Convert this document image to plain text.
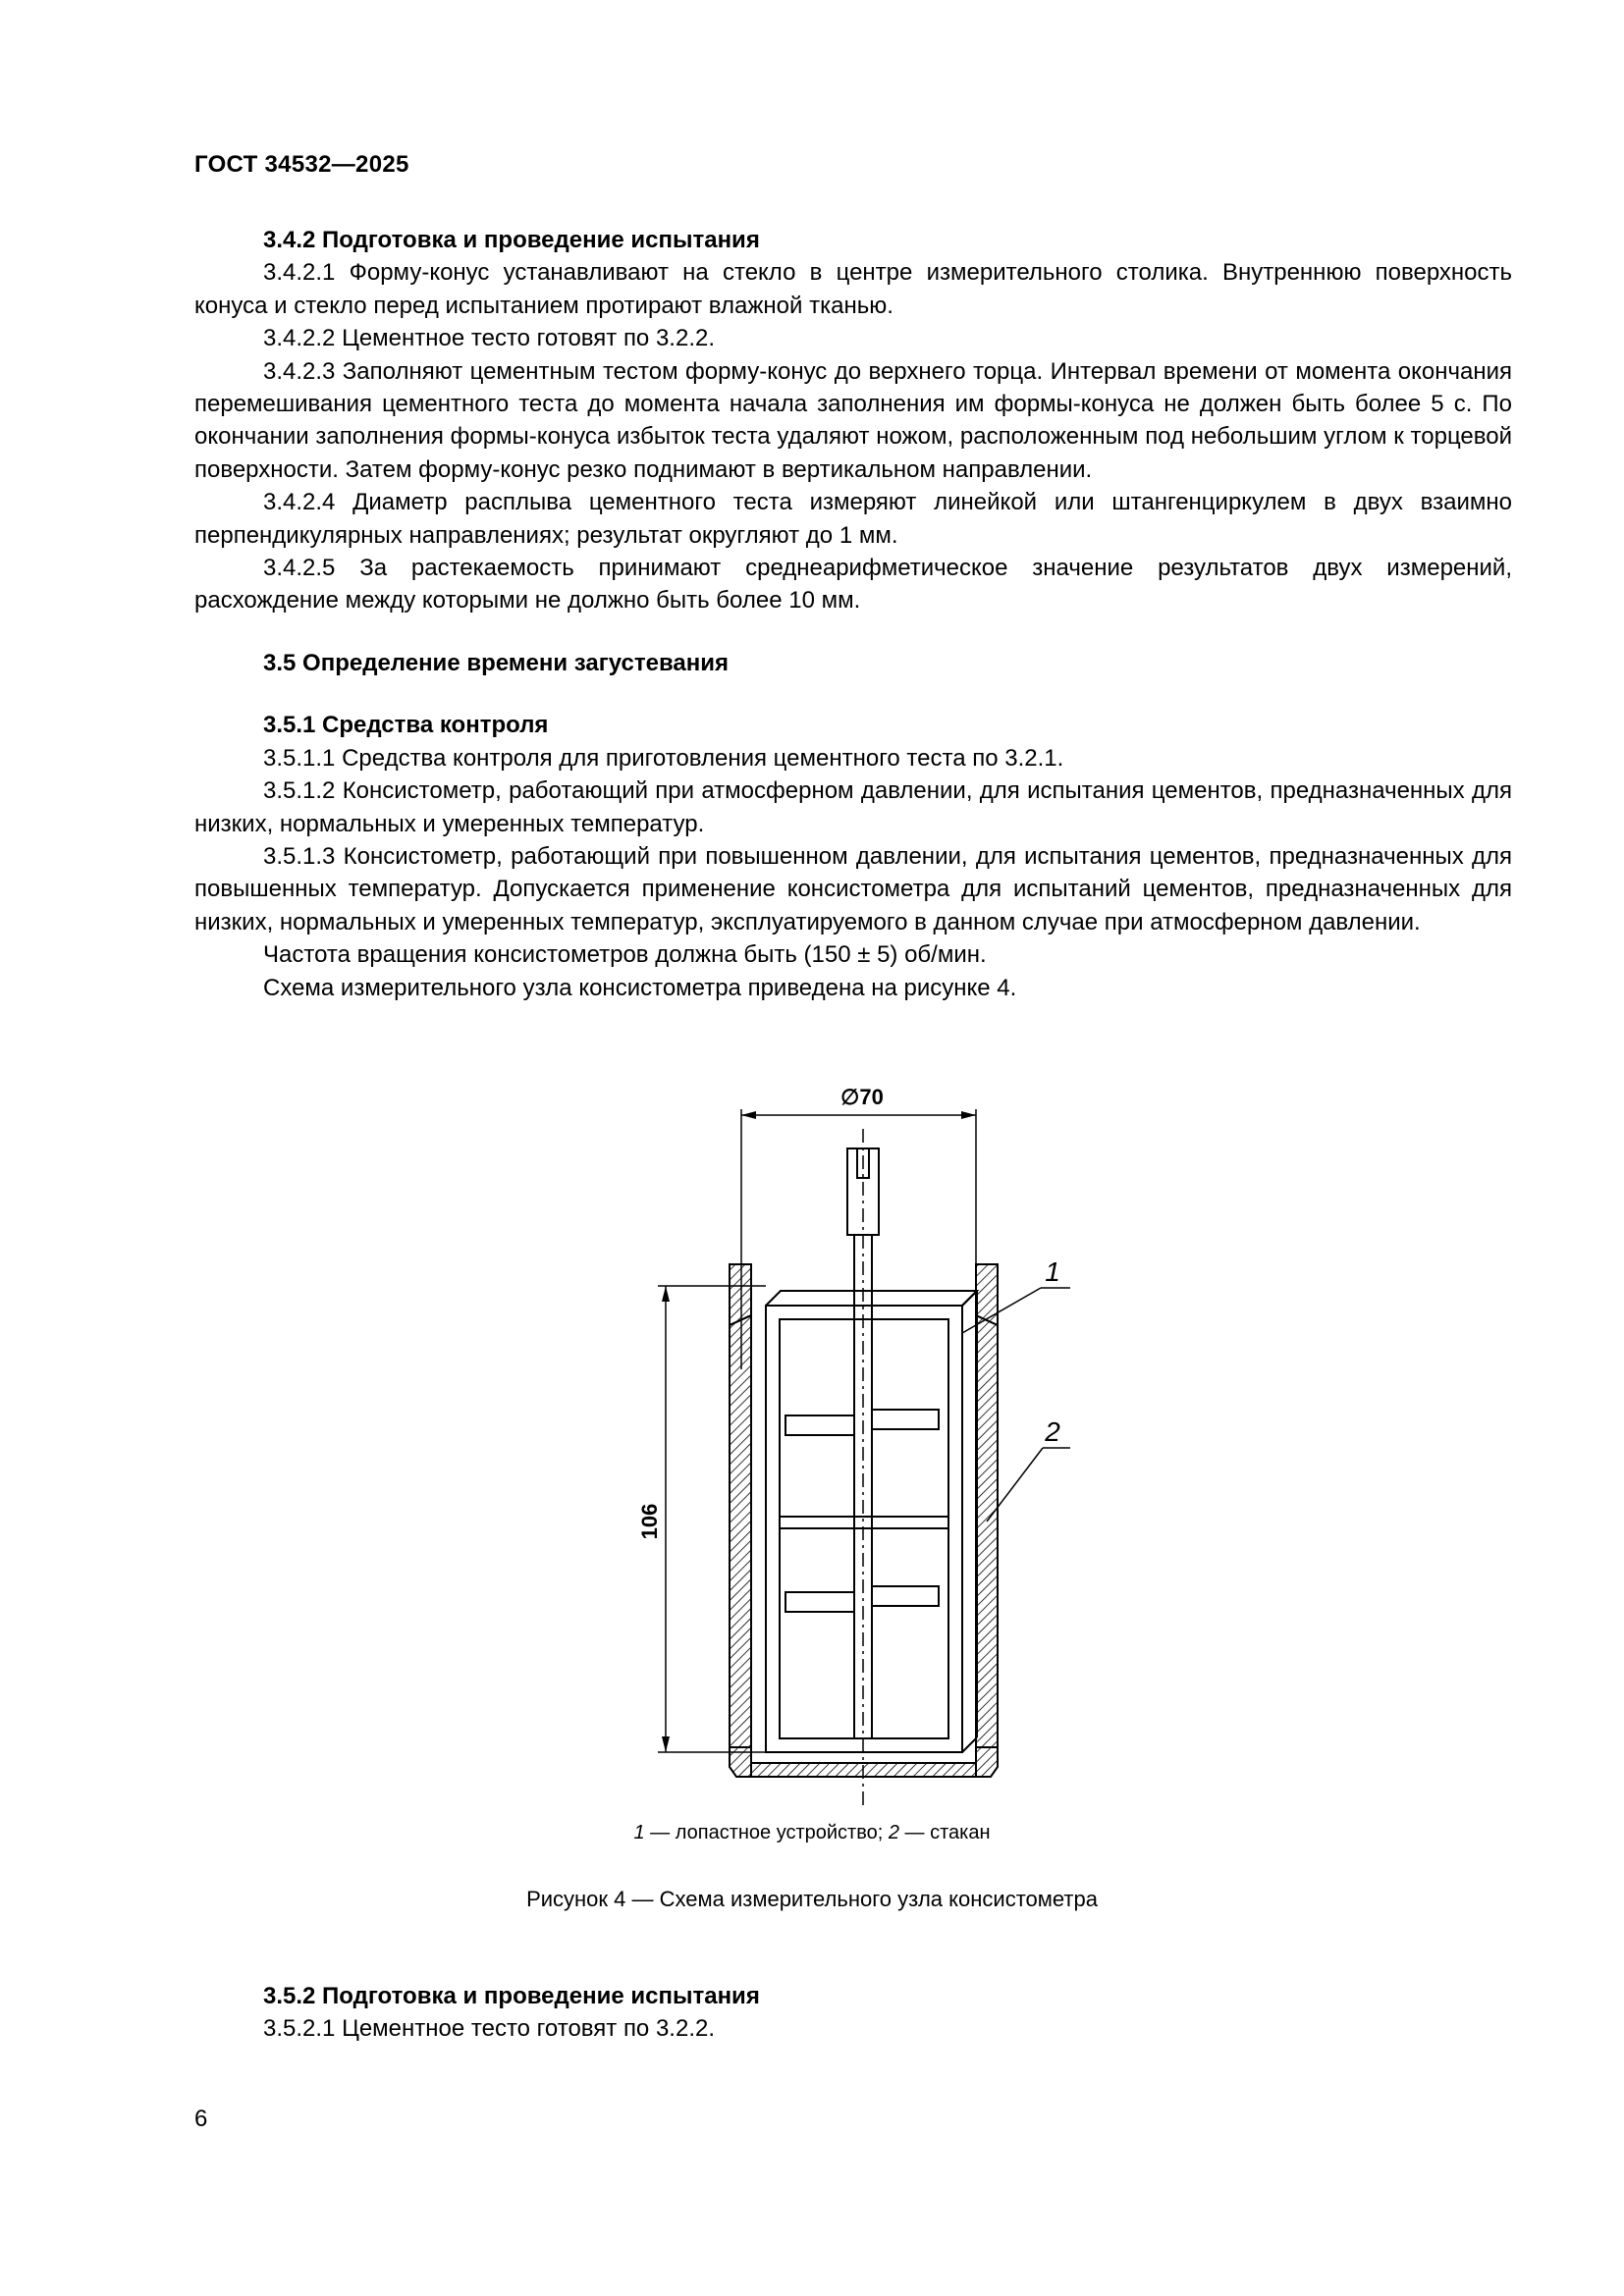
ГОСТ 34532—2025

3.4.2 Подготовка и проведение испытания

3.4.2.1 Форму-конус устанавливают на стекло в центре измерительного столика. Внутреннюю поверхность конуса и стекло перед испытанием протирают влажной тканью.

3.4.2.2 Цементное тесто готовят по 3.2.2.

3.4.2.3 Заполняют цементным тестом форму-конус до верхнего торца. Интервал времени от момента окончания перемешивания цементного теста до момента начала заполнения им формы-конуса не должен быть более 5 с. По окончании заполнения формы-конуса избыток теста удаляют ножом, расположенным под небольшим углом к торцевой поверхности. Затем форму-конус резко поднимают в вертикальном направлении.

3.4.2.4 Диаметр расплыва цементного теста измеряют линейкой или штангенциркулем в двух взаимно перпендикулярных направлениях; результат округляют до 1 мм.

3.4.2.5 За растекаемость принимают среднеарифметическое значение результатов двух измерений, расхождение между которыми не должно быть более 10 мм.

3.5 Определение времени загустевания

3.5.1 Средства контроля

3.5.1.1 Средства контроля для приготовления цементного теста по 3.2.1.

3.5.1.2 Консистометр, работающий при атмосферном давлении, для испытания цементов, предназначенных для низких, нормальных и умеренных температур.

3.5.1.3 Консистометр, работающий при повышенном давлении, для испытания цементов, предназначенных для повышенных температур. Допускается применение консистометра для испытаний цементов, предназначенных для низких, нормальных и умеренных температур, эксплуатируемого в данном случае при атмосферном давлении.

Частота вращения консистометров должна быть (150 ± 5) об/мин.

Схема измерительного узла консистометра приведена на рисунке 4.

∅70
106
1
2
1 — лопастное устройство; 2 — стакан
Рисунок 4 — Схема измерительного узла консистометра

3.5.2 Подготовка и проведение испытания

3.5.2.1 Цементное тесто готовят по 3.2.2.

6
